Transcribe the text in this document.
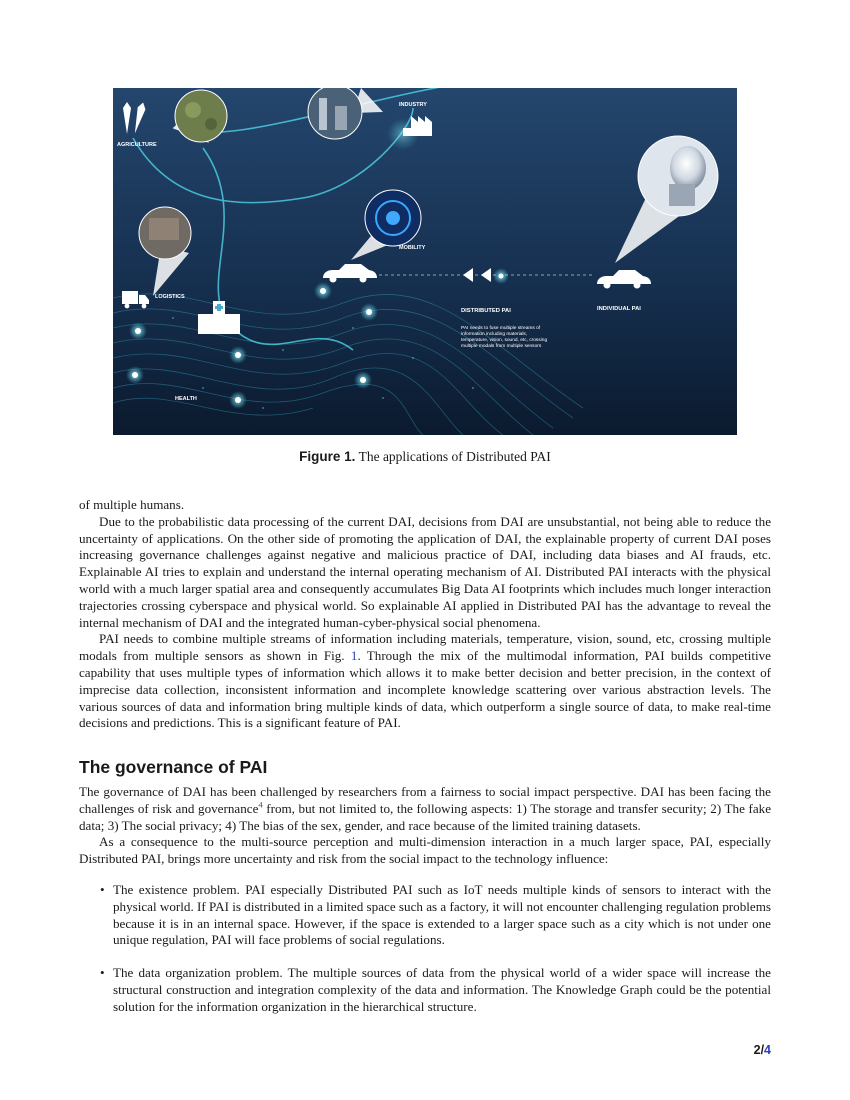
AGRICULTURE
INDUSTRY
MOBILITY
LOGISTICS
HEALTH
DISTRIBUTED PAI	INDIVIDUAL PAI
PAI needs to fuse multiple streams of
information including materials,
temperature, vision, sound, etc, crossing
multiple modals from multiple sensors
Figure 1. The applications of Distributed PAI

of multiple humans.

Due to the probabilistic data processing of the current DAI, decisions from DAI are unsubstantial, not being able to reduce the uncertainty of applications. On the other side of promoting the application of DAI, the explainable property of current DAI poses increasing governance challenges against negative and malicious practice of DAI, including data biases and AI frauds, etc. Explainable AI tries to explain and understand the internal operating mechanism of AI. Distributed PAI interacts with the physical world with a much larger spatial area and consequently accumulates Big Data AI footprints which includes much longer interaction trajectories crossing cyberspace and physical world. So explainable AI applied in Distributed PAI has the advantage to reveal the internal mechanism of DAI and the integrated human-cyber-physical social phenomena.

PAI needs to combine multiple streams of information including materials, temperature, vision, sound, etc, crossing multiple modals from multiple sensors as shown in Fig. 1. Through the mix of the multimodal information, PAI builds competitive capability that uses multiple types of information which allows it to make better decision and better precision, in the context of imprecise data collection, inconsistent information and incomplete knowledge scattering over various abstraction levels. The various sources of data and information bring multiple kinds of data, which outperform a single source of data, to make real-time decisions and predictions. This is a significant feature of PAI.

The governance of PAI

The governance of DAI has been challenged by researchers from a fairness to social impact perspective. DAI has been facing the challenges of risk and governance$^4$ from, but not limited to, the following aspects: 1) The storage and transfer security; 2) The fake data; 3) The social privacy; 4) The bias of the sex, gender, and race because of the limited training datasets.

As a consequence to the multi-source perception and multi-dimension interaction in a much larger space, PAI, especially Distributed PAI, brings more uncertainty and risk from the social impact to the technology influence:

• The existence problem. PAI especially Distributed PAI such as IoT needs multiple kinds of sensors to interact with the physical world. If PAI is distributed in a limited space such as a factory, it will not encounter challenging regulation problems because it is in an internal space. However, if the space is extended to a larger space such as a city which is not under one unique regulation, PAI will face problems of social regulations.
• The data organization problem. The multiple sources of data from the physical world of a wider space will increase the structural construction and integration complexity of the data and information. The Knowledge Graph could be the potential solution for the information organization in the hierarchical structure.
2/4
